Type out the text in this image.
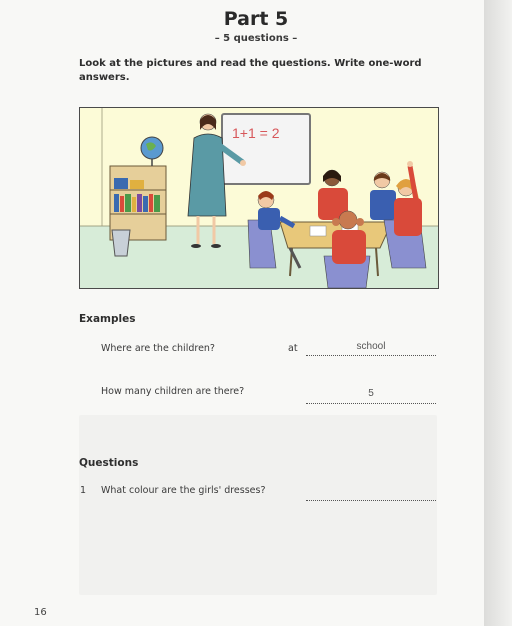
Part 5
– 5 questions –
Look at the pictures and read the questions. Write one-word answers.
1+1 = 2
Examples
Where are the children?	at	school
How many children are there?	5
Questions
1 What colour are the girls' dresses?
16
